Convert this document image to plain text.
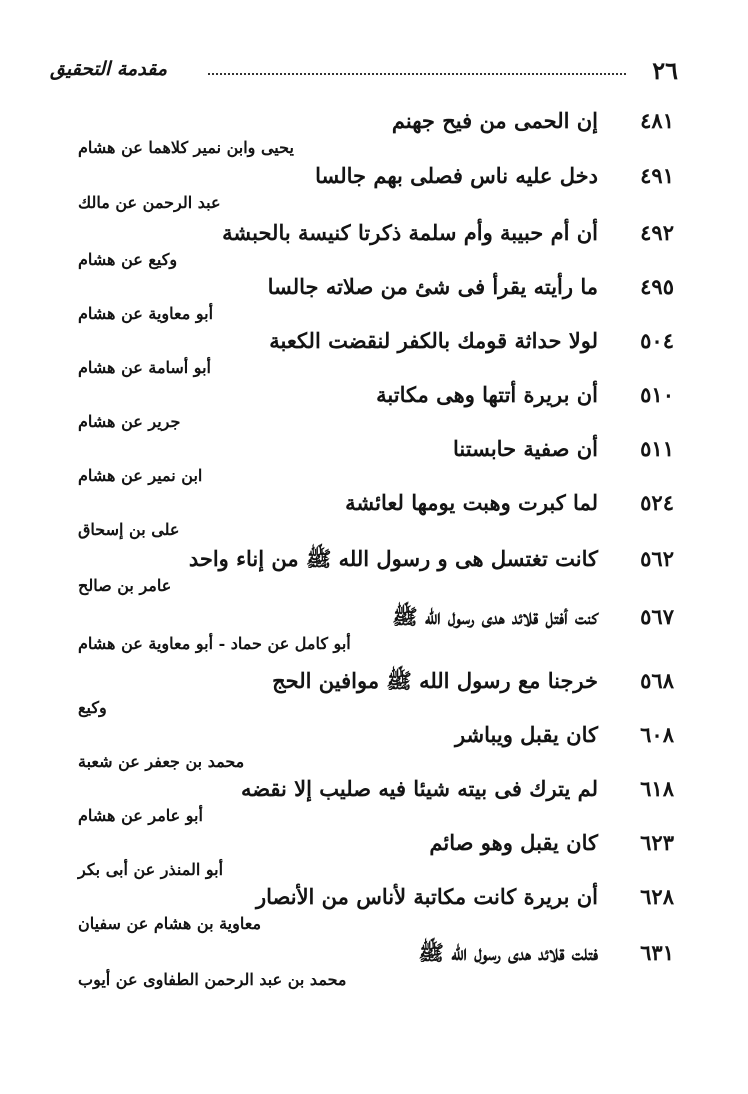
٢٦
مقدمة التحقيق
٤٨١
إن الحمى من فيح جهنم
يحيى وابن نمير كلاهما عن هشام
٤٩١
دخل عليه ناس فصلى بهم جالسا
عبد الرحمن عن مالك
٤٩٢
أن أم حبيبة وأم سلمة ذكرتا كنيسة بالحبشة
وكيع عن هشام
٤٩٥
ما رأيته يقرأ فى شئ من صلاته جالسا
أبو معاوية عن هشام
٥٠٤
لولا حداثة قومك بالكفر لنقضت الكعبة
أبو أسامة عن هشام
٥١٠
أن بريرة أتتها وهى مكاتبة
جرير عن هشام
٥١١
أن صفية حابستنا
ابن نمير عن هشام
٥٢٤
لما كبرت وهبت يومها لعائشة
على بن إسحاق
٥٦٢
كانت تغتسل هى و رسول الله ﷺ من إناء واحد
عامر بن صالح
٥٦٧
كنت أفتل قلائد هدى رسول الله ﷺ
أبو كامل عن حماد - أبو معاوية عن هشام
٥٦٨
خرجنا مع رسول الله ﷺ موافين الحج
وكيع
٦٠٨
كان يقبل ويباشر
محمد بن جعفر عن شعبة
٦١٨
لم يترك فى بيته شيئا فيه صليب إلا نقضه
أبو عامر عن هشام
٦٢٣
كان يقبل وهو صائم
أبو المنذر عن أبى بكر
٦٢٨
أن بريرة كانت مكاتبة لأناس من الأنصار
معاوية بن هشام عن سفيان
٦٣١
فتلت قلائد هدى رسول الله ﷺ
محمد بن عبد الرحمن الطفاوى عن أيوب
